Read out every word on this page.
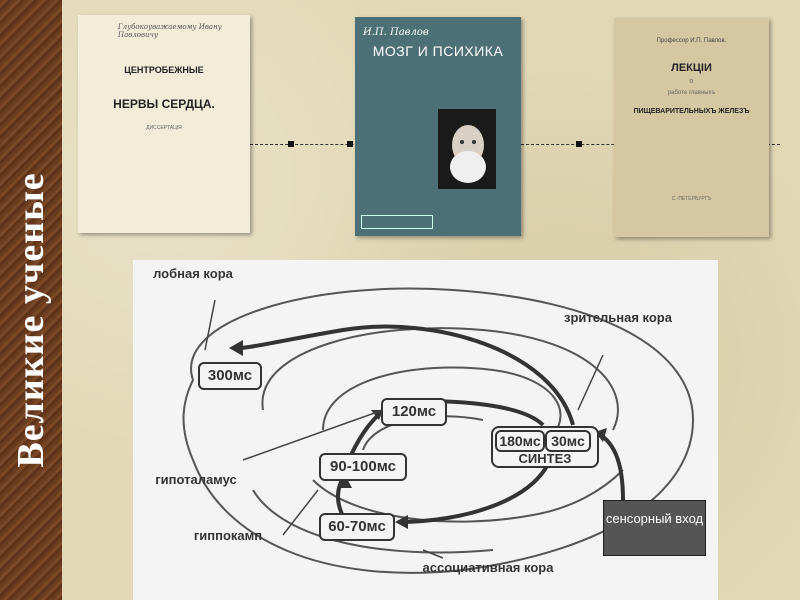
Великие ученые
Глубокоуважаемому Ивану Павловичу
ЦЕНТРОБЕЖНЫЕ
НЕРВЫ СЕРДЦА.
ДИССЕРТАЦІЯ
И.П. Павлов
МОЗГ И ПСИХИКА
Профессор И.П. Павлов.
ЛЕКЦІИ
о
работе главныхъ
ПИЩЕВАРИТЕЛЬНЫХЪ ЖЕЛЕЗЪ
С.-ПЕТЕРБУРГЪ
лобная кора
зрительная кора
гипоталамус
гиппокамп
ассоциативная кора
300мс
120мс
90-100мс
60-70мс
180мс 30мс
СИНТЕЗ
сенсорный вход
